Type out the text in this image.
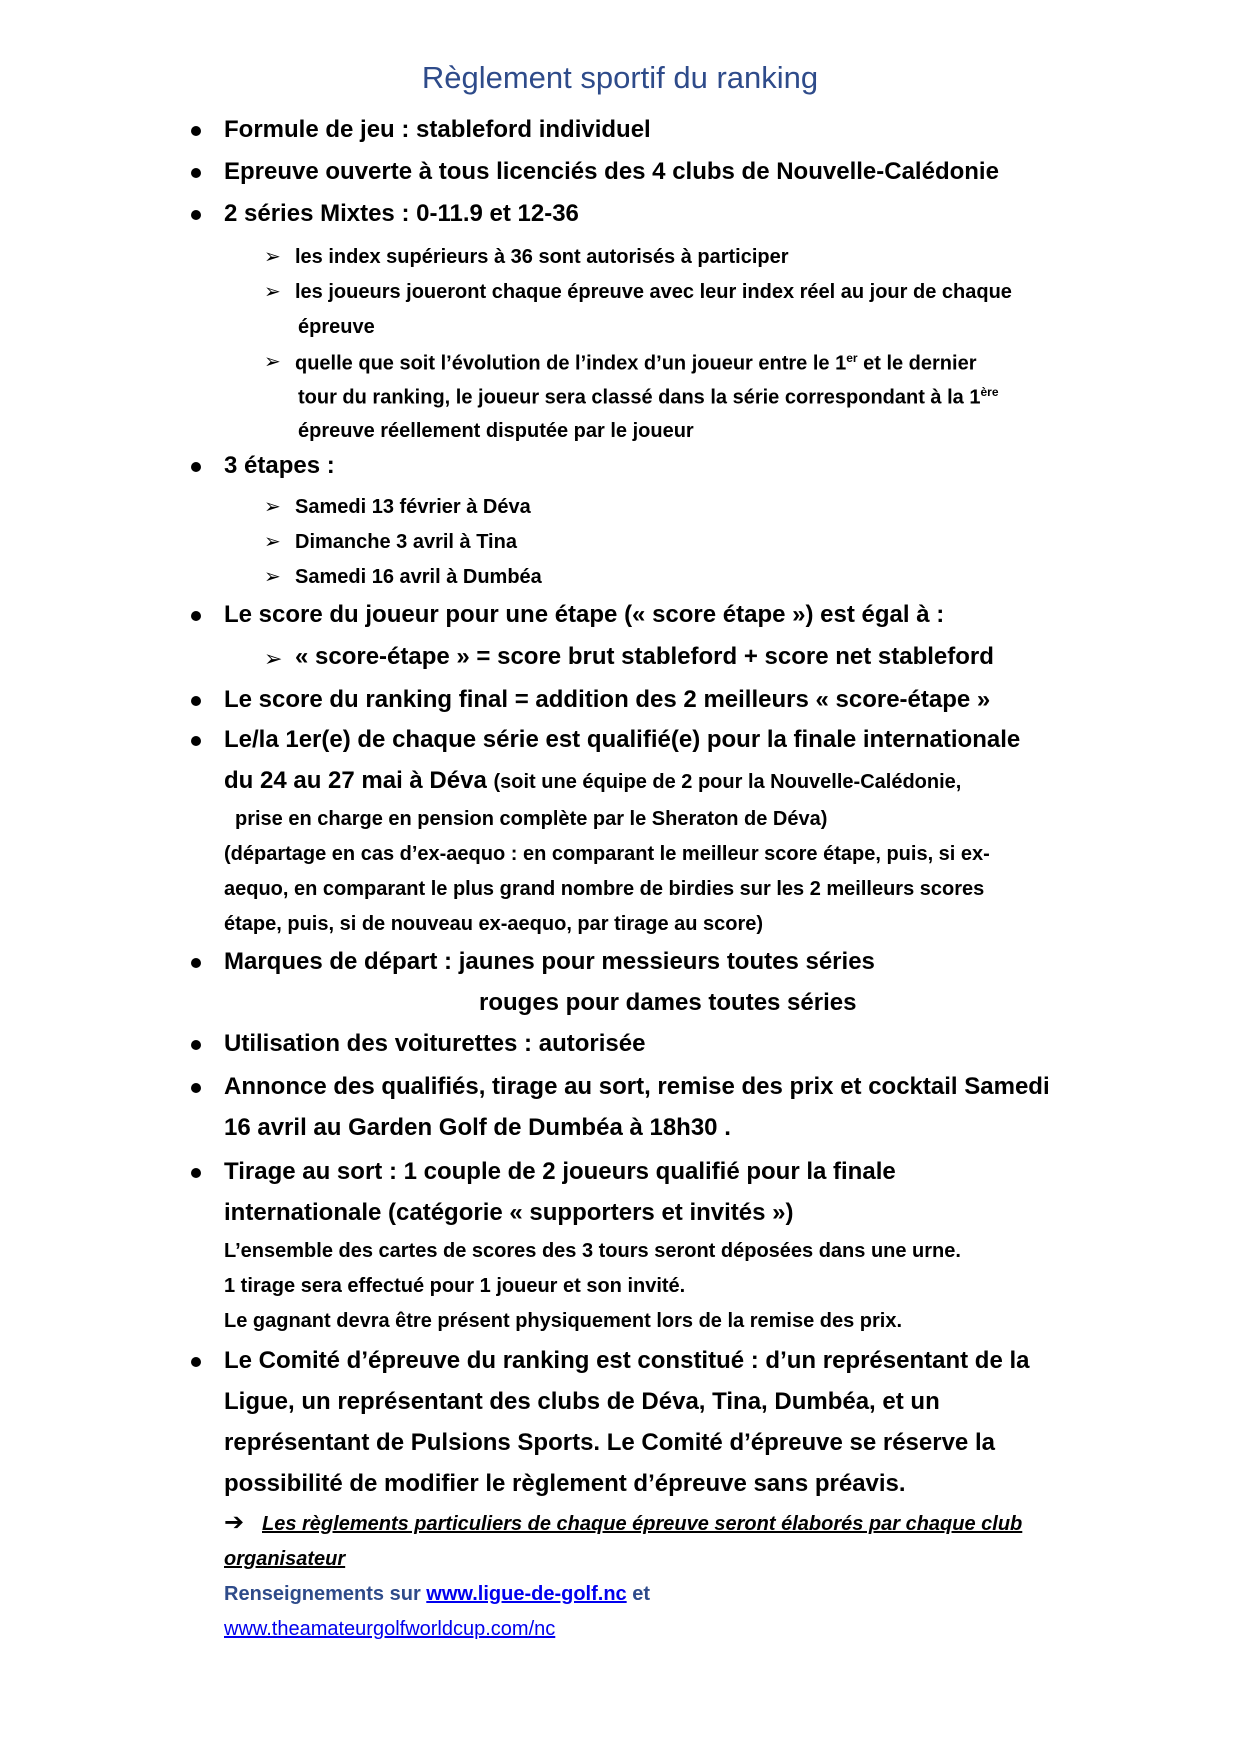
Règlement sportif du ranking
Formule de jeu : stableford individuel
Epreuve ouverte à tous licenciés des 4 clubs de Nouvelle-Calédonie
2 séries Mixtes : 0-11.9 et 12-36
➢ les index supérieurs à 36 sont autorisés à participer
➢ les joueurs joueront chaque épreuve avec leur index réel au jour de chaque
épreuve
➢ quelle que soit l’évolution de l’index d’un joueur entre le 1er et le dernier
tour du ranking, le joueur sera classé dans la série correspondant à la 1ère
épreuve réellement disputée par le joueur
3 étapes :
➢ Samedi 13 février à Déva
➢ Dimanche 3 avril à Tina
➢ Samedi 16 avril à Dumbéa
Le score du joueur pour une étape (« score étape ») est égal à :
➢ « score-étape » = score brut stableford + score net stableford
Le score du ranking final = addition des 2 meilleurs « score-étape »
Le/la 1er(e) de chaque série est qualifié(e) pour la finale internationale
du 24 au 27 mai à Déva (soit une équipe de 2 pour la Nouvelle-Calédonie,
prise en charge en pension complète par le Sheraton de Déva)
(départage en cas d’ex-aequo : en comparant le meilleur score étape, puis, si ex-
aequo, en comparant le plus grand nombre de birdies sur les 2 meilleurs scores
étape, puis, si de nouveau ex-aequo, par tirage au score)
Marques de départ : jaunes pour messieurs toutes séries
rouges pour dames toutes séries
Utilisation des voiturettes : autorisée
Annonce des qualifiés, tirage au sort, remise des prix et cocktail Samedi
16 avril au Garden Golf de Dumbéa à 18h30 .
Tirage au sort : 1 couple de 2 joueurs qualifié pour la finale
internationale (catégorie « supporters et invités »)
L’ensemble des cartes de scores des 3 tours seront déposées dans une urne.
1 tirage sera effectué pour 1 joueur et son invité.
Le gagnant devra être présent physiquement lors de la remise des prix.
Le Comité d’épreuve du ranking est constitué : d’un représentant de la
Ligue, un représentant des clubs de Déva, Tina, Dumbéa, et un
représentant de Pulsions Sports. Le Comité d’épreuve se réserve la
possibilité de modifier le règlement d’épreuve sans préavis.
➔ Les règlements particuliers de chaque épreuve seront élaborés par chaque club
organisateur
Renseignements sur www.ligue-de-golf.nc et
www.theamateurgolfworldcup.com/nc
